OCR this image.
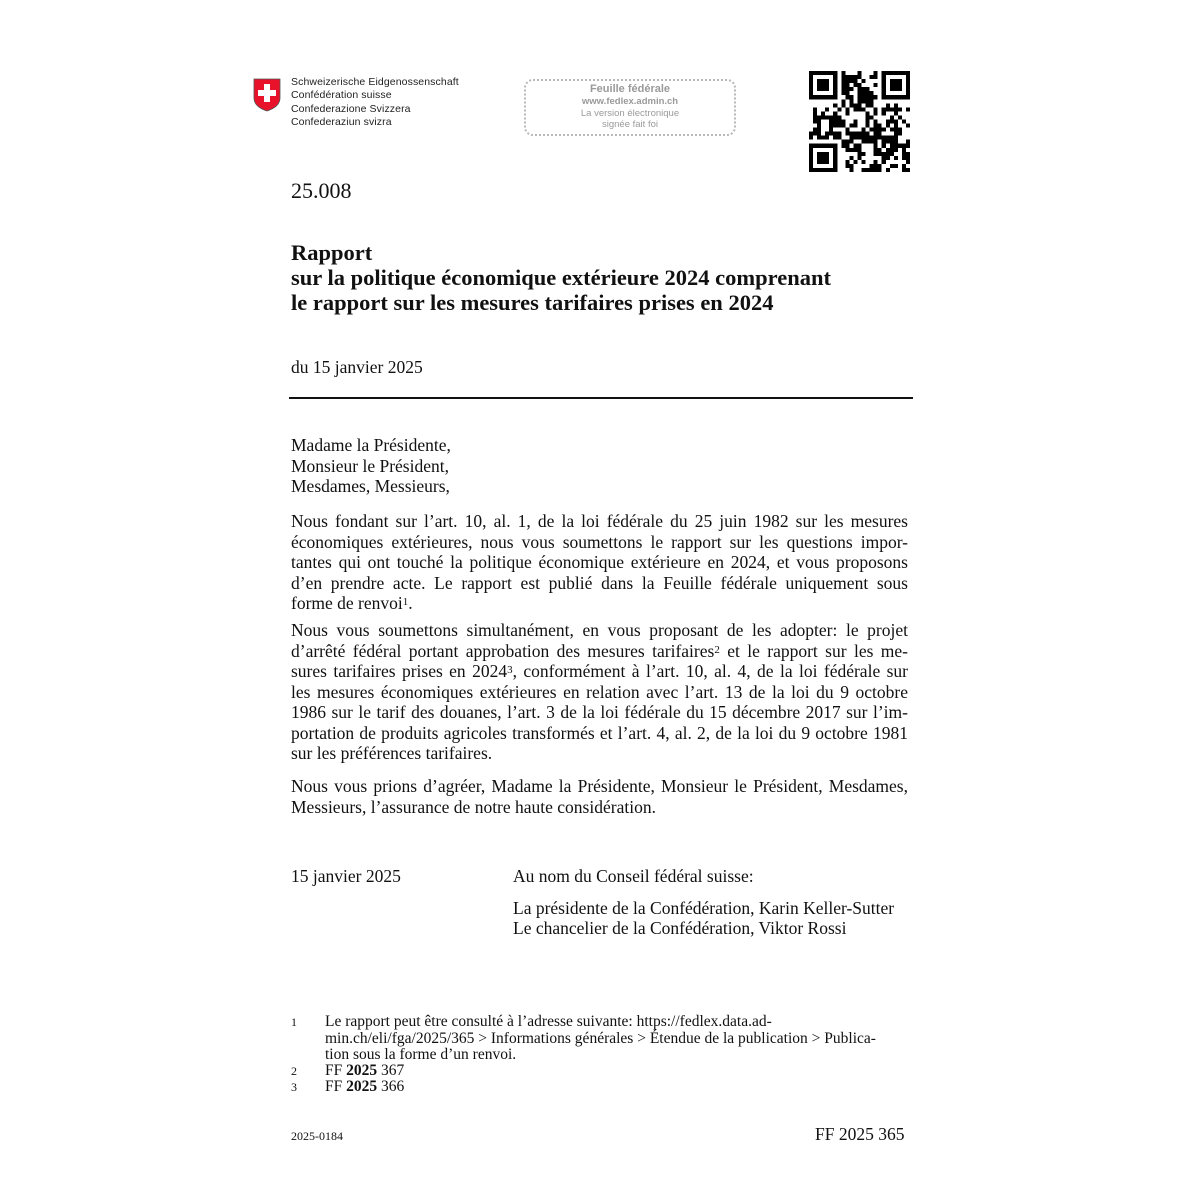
Schweizerische Eidgenossenschaft
Confédération suisse
Confederazione Svizzera
Confederaziun svizra
Feuille fédérale
www.fedlex.admin.ch
La version électronique
signée fait foi
25.008
Rapport
sur la politique économique extérieure 2024 comprenant
le rapport sur les mesures tarifaires prises en 2024
du 15 janvier 2025
Madame la Présidente,
Monsieur le Président,
Mesdames, Messieurs,
Nous fondant sur l’art. 10, al. 1, de la loi fédérale du 25 juin 1982 sur les mesures
économiques extérieures, nous vous soumettons le rapport sur les questions impor-
tantes qui ont touché la politique économique extérieure en 2024, et vous proposons
d’en prendre acte. Le rapport est publié dans la Feuille fédérale uniquement sous
forme de renvoi$^1$.
Nous vous soumettons simultanément, en vous proposant de les adopter: le projet
d’arrêté fédéral portant approbation des mesures tarifaires$^2$ et le rapport sur les me-
sures tarifaires prises en 2024$^3$, conformément à l’art. 10, al. 4, de la loi fédérale sur
les mesures économiques extérieures en relation avec l’art. 13 de la loi du 9 octobre
1986 sur le tarif des douanes, l’art. 3 de la loi fédérale du 15 décembre 2017 sur l’im-
portation de produits agricoles transformés et l’art. 4, al. 2, de la loi du 9 octobre 1981
sur les préférences tarifaires.
Nous vous prions d’agréer, Madame la Présidente, Monsieur le Président, Mesdames,
Messieurs, l’assurance de notre haute considération.
15 janvier 2025	Au nom du Conseil fédéral suisse:
La présidente de la Confédération, Karin Keller-Sutter
Le chancelier de la Confédération, Viktor Rossi
1 Le rapport peut être consulté à l’adresse suivante: https://fedlex.data.ad-
min.ch/eli/fga/2025/365 > Informations générales > Étendue de la publication > Publica-
tion sous la forme d’un renvoi.
2 FF 2025 367
3 FF 2025 366
2025-0184	FF 2025 365
